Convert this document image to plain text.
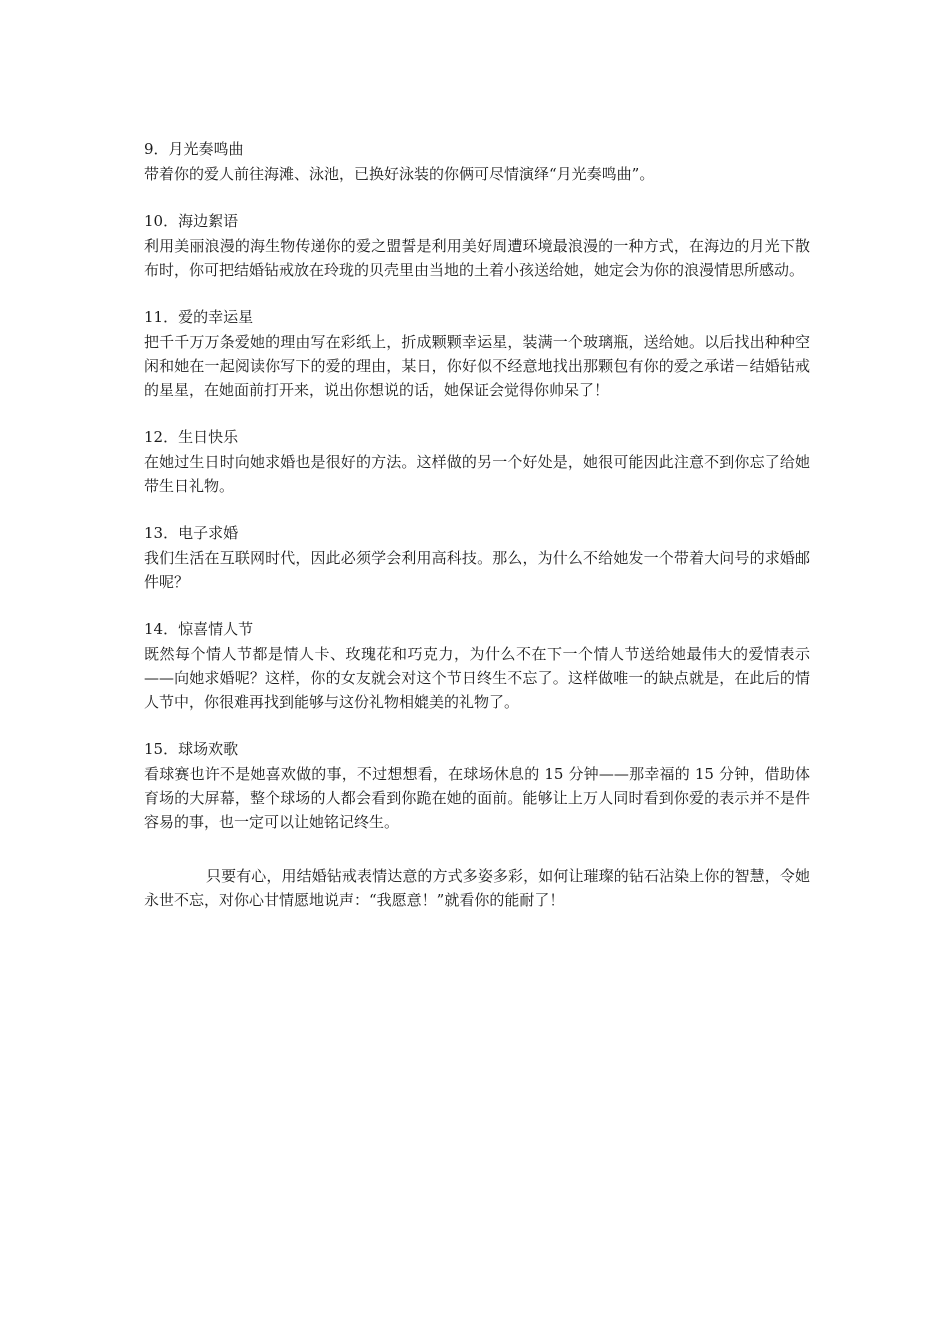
9．月光奏鸣曲

带着你的爱人前往海滩、泳池，已换好泳装的你俩可尽情演绎“月光奏鸣曲”。

10．海边絮语

利用美丽浪漫的海生物传递你的爱之盟誓是利用美好周遭环境最浪漫的一种方式，在海边的月光下散布时，你可把结婚钻戒放在玲珑的贝壳里由当地的土着小孩送给她，她定会为你的浪漫情思所感动。

11．爱的幸运星

把千千万万条爱她的理由写在彩纸上，折成颗颗幸运星，装满一个玻璃瓶，送给她。以后找出种种空闲和她在一起阅读你写下的爱的理由，某日，你好似不经意地找出那颗包有你的爱之承诺－结婚钻戒的星星，在她面前打开来，说出你想说的话，她保证会觉得你帅呆了！

12．生日快乐

在她过生日时向她求婚也是很好的方法。这样做的另一个好处是，她很可能因此注意不到你忘了给她带生日礼物。

13．电子求婚

我们生活在互联网时代，因此必须学会利用高科技。那么，为什么不给她发一个带着大问号的求婚邮件呢？

14．惊喜情人节

既然每个情人节都是情人卡、玫瑰花和巧克力，为什么不在下一个情人节送给她最伟大的爱情表示——向她求婚呢？这样，你的女友就会对这个节日终生不忘了。这样做唯一的缺点就是，在此后的情人节中，你很难再找到能够与这份礼物相媲美的礼物了。

15．球场欢歌

看球赛也许不是她喜欢做的事，不过想想看，在球场休息的 15 分钟——那幸福的 15 分钟，借助体育场的大屏幕，整个球场的人都会看到你跪在她的面前。能够让上万人同时看到你爱的表示并不是件容易的事，也一定可以让她铭记终生。

只要有心，用结婚钻戒表情达意的方式多姿多彩，如何让璀璨的钻石沾染上你的智慧，令她永世不忘，对你心甘情愿地说声：“我愿意！”就看你的能耐了！
